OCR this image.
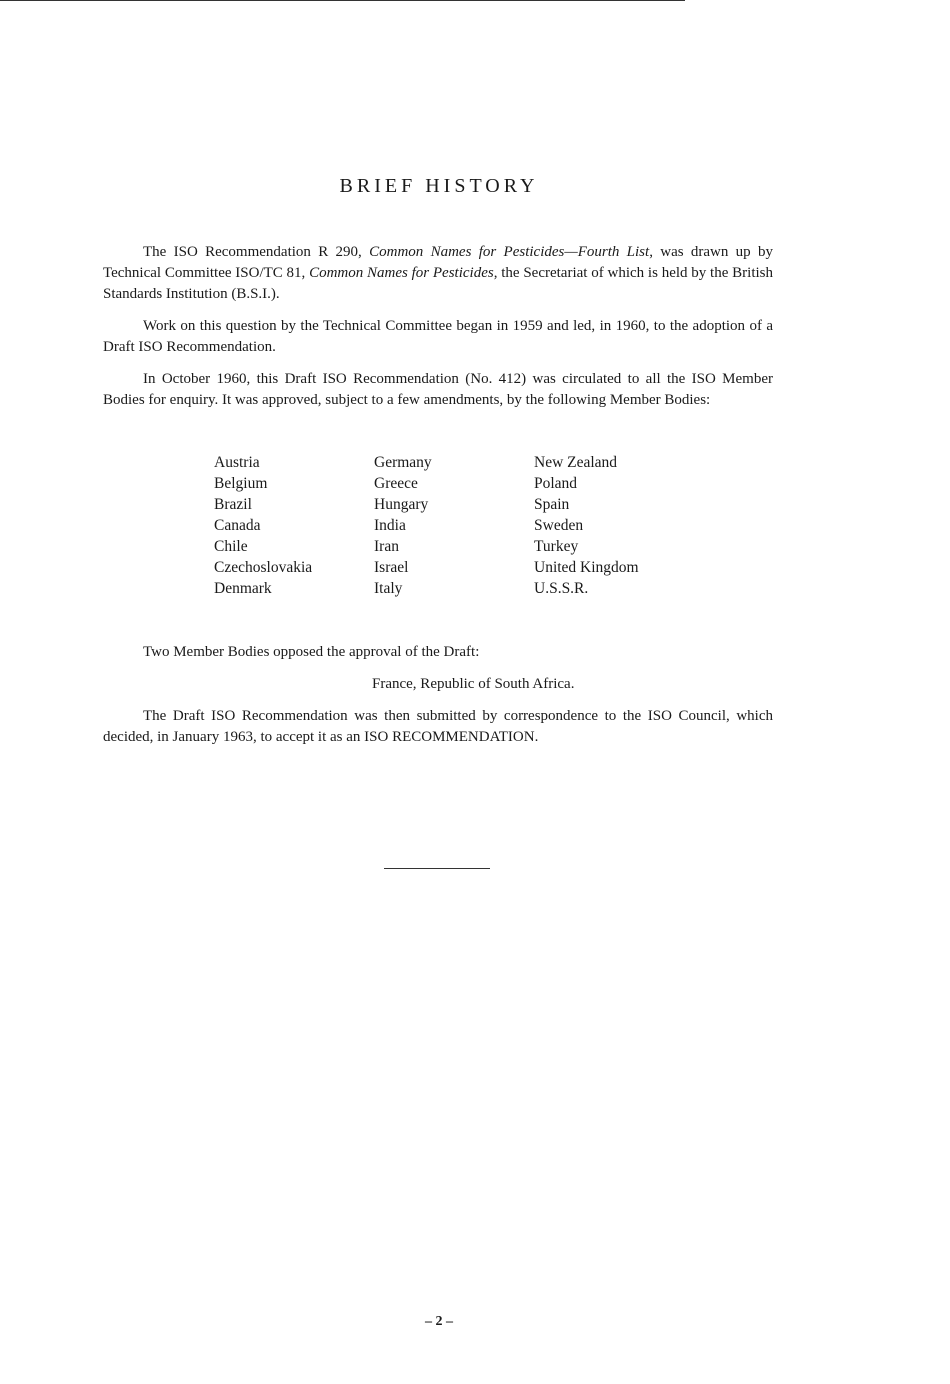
BRIEF HISTORY

The ISO Recommendation R 290, Common Names for Pesticides—Fourth List, was drawn up by Technical Committee ISO/TC 81, Common Names for Pesticides, the Secretariat of which is held by the British Standards Institution (B.S.I.).

Work on this question by the Technical Committee began in 1959 and led, in 1960, to the adoption of a Draft ISO Recommendation.

In October 1960, this Draft ISO Recommendation (No. 412) was circulated to all the ISO Member Bodies for enquiry. It was approved, subject to a few amendments, by the following Member Bodies:

Austria
Belgium
Brazil
Canada
Chile
Czechoslovakia
Denmark
Germany
Greece
Hungary
India
Iran
Israel
Italy
New Zealand
Poland
Spain
Sweden
Turkey
United Kingdom
U.S.S.R.

Two Member Bodies opposed the approval of the Draft:

France, Republic of South Africa.

The Draft ISO Recommendation was then submitted by correspondence to the ISO Council, which decided, in January 1963, to accept it as an ISO RECOMMENDATION.

– 2 –
